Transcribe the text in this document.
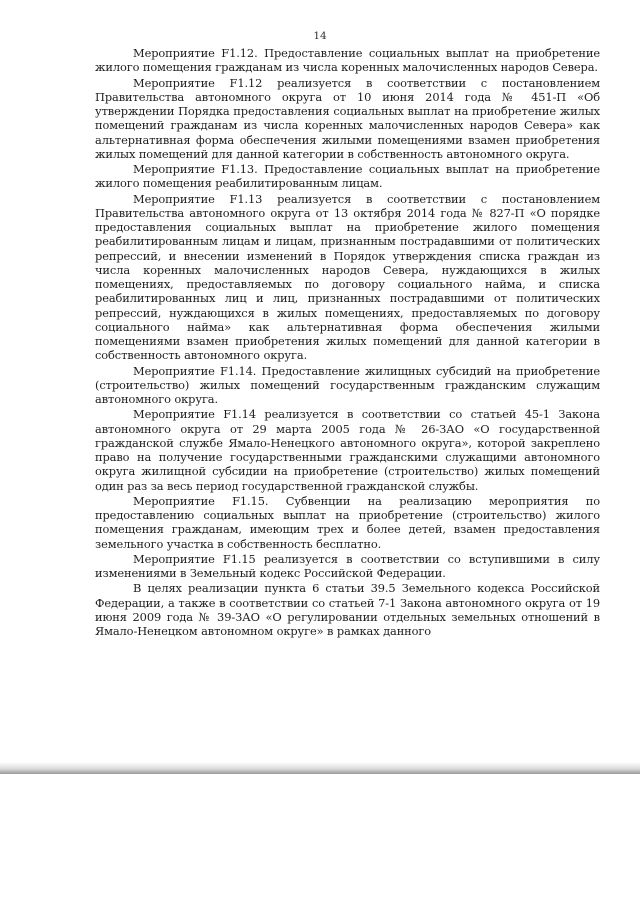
14

Мероприятие F1.12. Предоставление социальных выплат на приобретение жилого помещения гражданам из числа коренных малочисленных народов Севера.

Мероприятие F1.12 реализуется в соответствии с постановлением Правительства автономного округа от 10 июня 2014 года № 451-П «Об утверждении Порядка предоставления социальных выплат на приобретение жилых помещений гражданам из числа коренных малочисленных народов Севера» как альтернативная форма обеспечения жилыми помещениями взамен приобретения жилых помещений для данной категории в собственность автономного округа.

Мероприятие F1.13. Предоставление социальных выплат на приобретение жилого помещения реабилитированным лицам.

Мероприятие F1.13 реализуется в соответствии с постановлением Правительства автономного округа от 13 октября 2014 года № 827-П «О порядке предоставления социальных выплат на приобретение жилого помещения реабилитированным лицам и лицам, признанным пострадавшими от политических репрессий, и внесении изменений в Порядок утверждения списка граждан из числа коренных малочисленных народов Севера, нуждающихся в жилых помещениях, предоставляемых по договору социального найма, и списка реабилитированных лиц и лиц, признанных пострадавшими от политических репрессий, нуждающихся в жилых помещениях, предоставляемых по договору социального найма» как альтернативная форма обеспечения жилыми помещениями взамен приобретения жилых помещений для данной категории в собственность автономного округа.

Мероприятие F1.14. Предоставление жилищных субсидий на приобретение (строительство) жилых помещений государственным гражданским служащим автономного округа.

Мероприятие F1.14 реализуется в соответствии со статьей 45-1 Закона автономного округа от 29 марта 2005 года № 26-ЗАО «О государственной гражданской службе Ямало-Ненецкого автономного округа», которой закреплено право на получение государственными гражданскими служащими автономного округа жилищной субсидии на приобретение (строительство) жилых помещений один раз за весь период государственной гражданской службы.

Мероприятие F1.15. Субвенции на реализацию мероприятия по предоставлению социальных выплат на приобретение (строительство) жилого помещения гражданам, имеющим трех и более детей, взамен предоставления земельного участка в собственность бесплатно.

Мероприятие F1.15 реализуется в соответствии со вступившими в силу изменениями в Земельный кодекс Российской Федерации.

В целях реализации пункта 6 статьи 39.5 Земельного кодекса Российской Федерации, а также в соответствии со статьей 7-1 Закона автономного округа от 19 июня 2009 года № 39-ЗАО «О регулировании отдельных земельных отношений в Ямало-Ненецком автономном округе» в рамках данного
